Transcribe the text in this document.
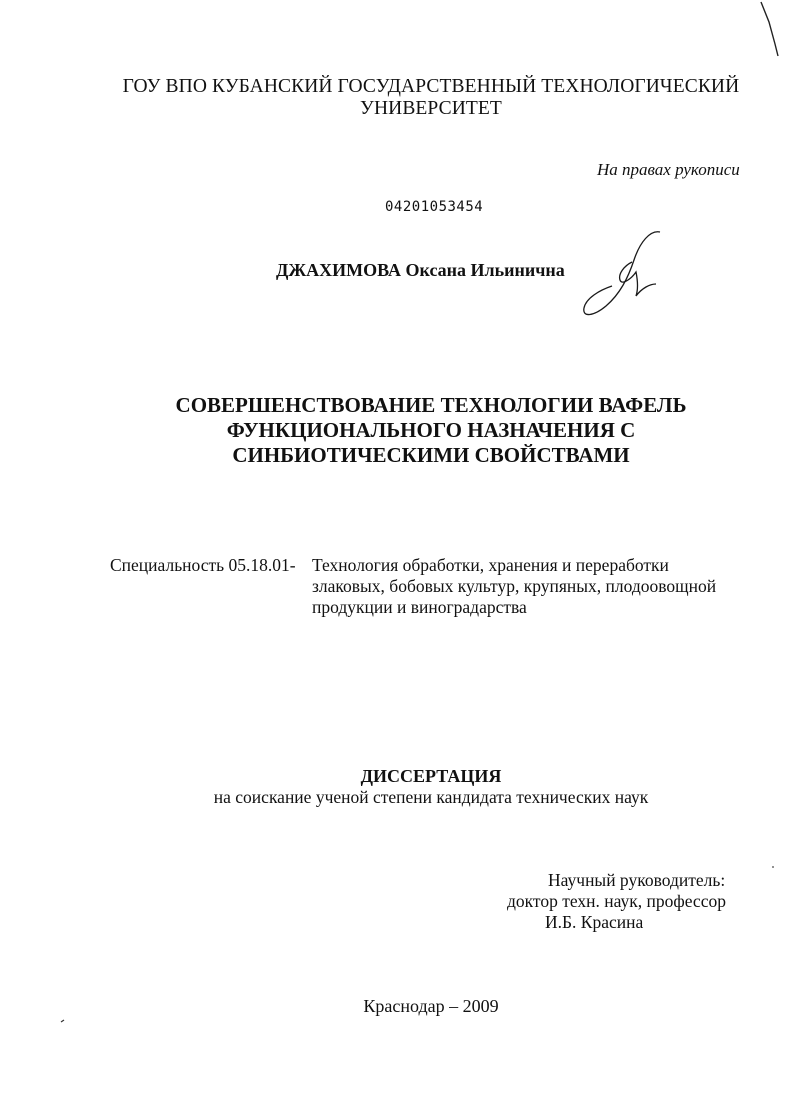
ГОУ ВПО КУБАНСКИЙ ГОСУДАРСТВЕННЫЙ ТЕХНОЛОГИЧЕСКИЙ
УНИВЕРСИТЕТ
На правах рукописи
04201053454
ДЖАХИМОВА Оксана Ильинична
СОВЕРШЕНСТВОВАНИЕ ТЕХНОЛОГИИ ВАФЕЛЬ
ФУНКЦИОНАЛЬНОГО НАЗНАЧЕНИЯ С
СИНБИОТИЧЕСКИМИ СВОЙСТВАМИ
Специальность 05.18.01- Технология обработки, хранения и переработки
злаковых, бобовых культур, крупяных, плодоовощной
продукции и виноградарства
ДИССЕРТАЦИЯ
на соискание ученой степени кандидата технических наук
Научный руководитель:
доктор техн. наук, профессор
И.Б. Красина
Краснодар – 2009
